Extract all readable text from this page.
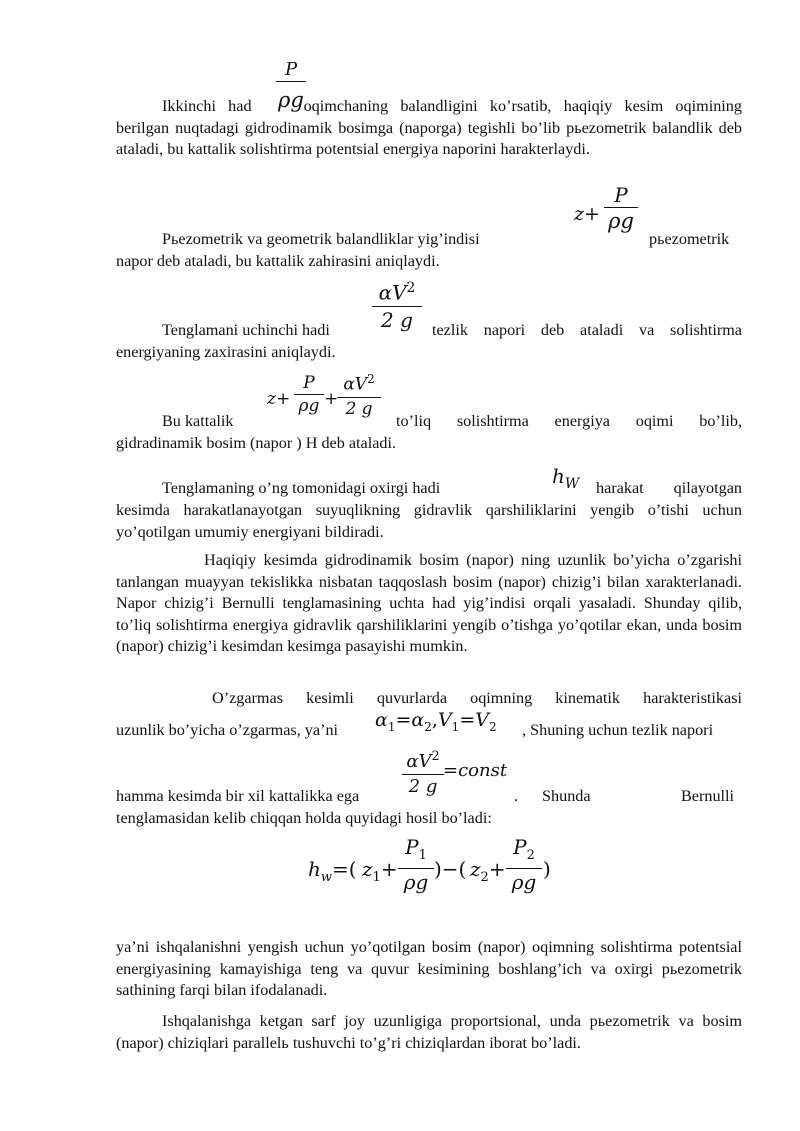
P
ρg

Ikkinchi had	oqimchaning balandligini ko’rsatib, haqiqiy kesim oqimining berilgan nuqtadagi gidrodinamik bosimga (naporga) tegishli bo’lib pьezometrik balandlik deb ataladi, bu kattalik solishtirma potentsial energiya naporini harakterlaydi.

z+
P
ρg

Pьezometrik va geometrik balandliklar yig’indisi	pьezometrik

napor deb ataladi, bu kattalik zahirasini aniqlaydi.

$\alpha V^2$
2 g

Tenglamani uchinchi hadi	tezlik napori deb ataladi va solishtirma

energiyaning zaxirasini aniqlaydi.

z+
P
ρg +
$\alpha V^2$
2 g

Bu kattalik	to’liq solishtirma energiya oqimi bo’lib,

gidradinamik bosim (napor ) H deb ataladi.

$h_W$

Tenglamaning o’ng tomonidagi oxirgi hadi	harakat qilayotgan

kesimda harakatlanayotgan suyuqlikning gidravlik qarshiliklarini yengib o’tishi uchun yo’qotilgan umumiy energiyani bildiradi.

Haqiqiy kesimda gidrodinamik bosim (napor) ning uzunlik bo’yicha o’zgarishi tanlangan muayyan tekislikka nisbatan taqqoslash bosim (napor) chizig’i bilan xarakterlanadi. Napor chizig’i Bernulli tenglamasining uchta had yig’indisi orqali yasaladi. Shunday qilib, to’liq solishtirma energiya gidravlik qarshiliklarini yengib o’tishga yo’qotilar ekan, unda bosim (napor) chizig’i kesimdan kesimga pasayishi mumkin.

O’zgarmas kesimli quvurlarda oqimning kinematik harakteristikasi

uzunlik bo’yicha o’zgarmas, ya’ni $\alpha_1=\alpha_2,V_1=V_2$ , Shuning uchun tezlik napori

$\alpha V^2$
2 g
=const

hamma kesimda bir xil kattalikka ega	. Shunda	Bernulli

tenglamasidan kelib chiqqan holda quyidagi hosil bo’ladi:

$h_w=$( $z_1+$
$P_1$
ρg
)−( $z_2+$
$P_2$
ρg
)

ya’ni ishqalanishni yengish uchun yo’qotilgan bosim (napor) oqimning solishtirma potentsial energiyasining kamayishiga teng va quvur kesimining boshlang’ich va oxirgi pьezometrik sathining farqi bilan ifodalanadi.

Ishqalanishga ketgan sarf joy uzunligiga proportsional, unda pьezometrik va bosim (napor) chiziqlari parallelь tushuvchi to’g’ri chiziqlardan iborat bo’ladi.
